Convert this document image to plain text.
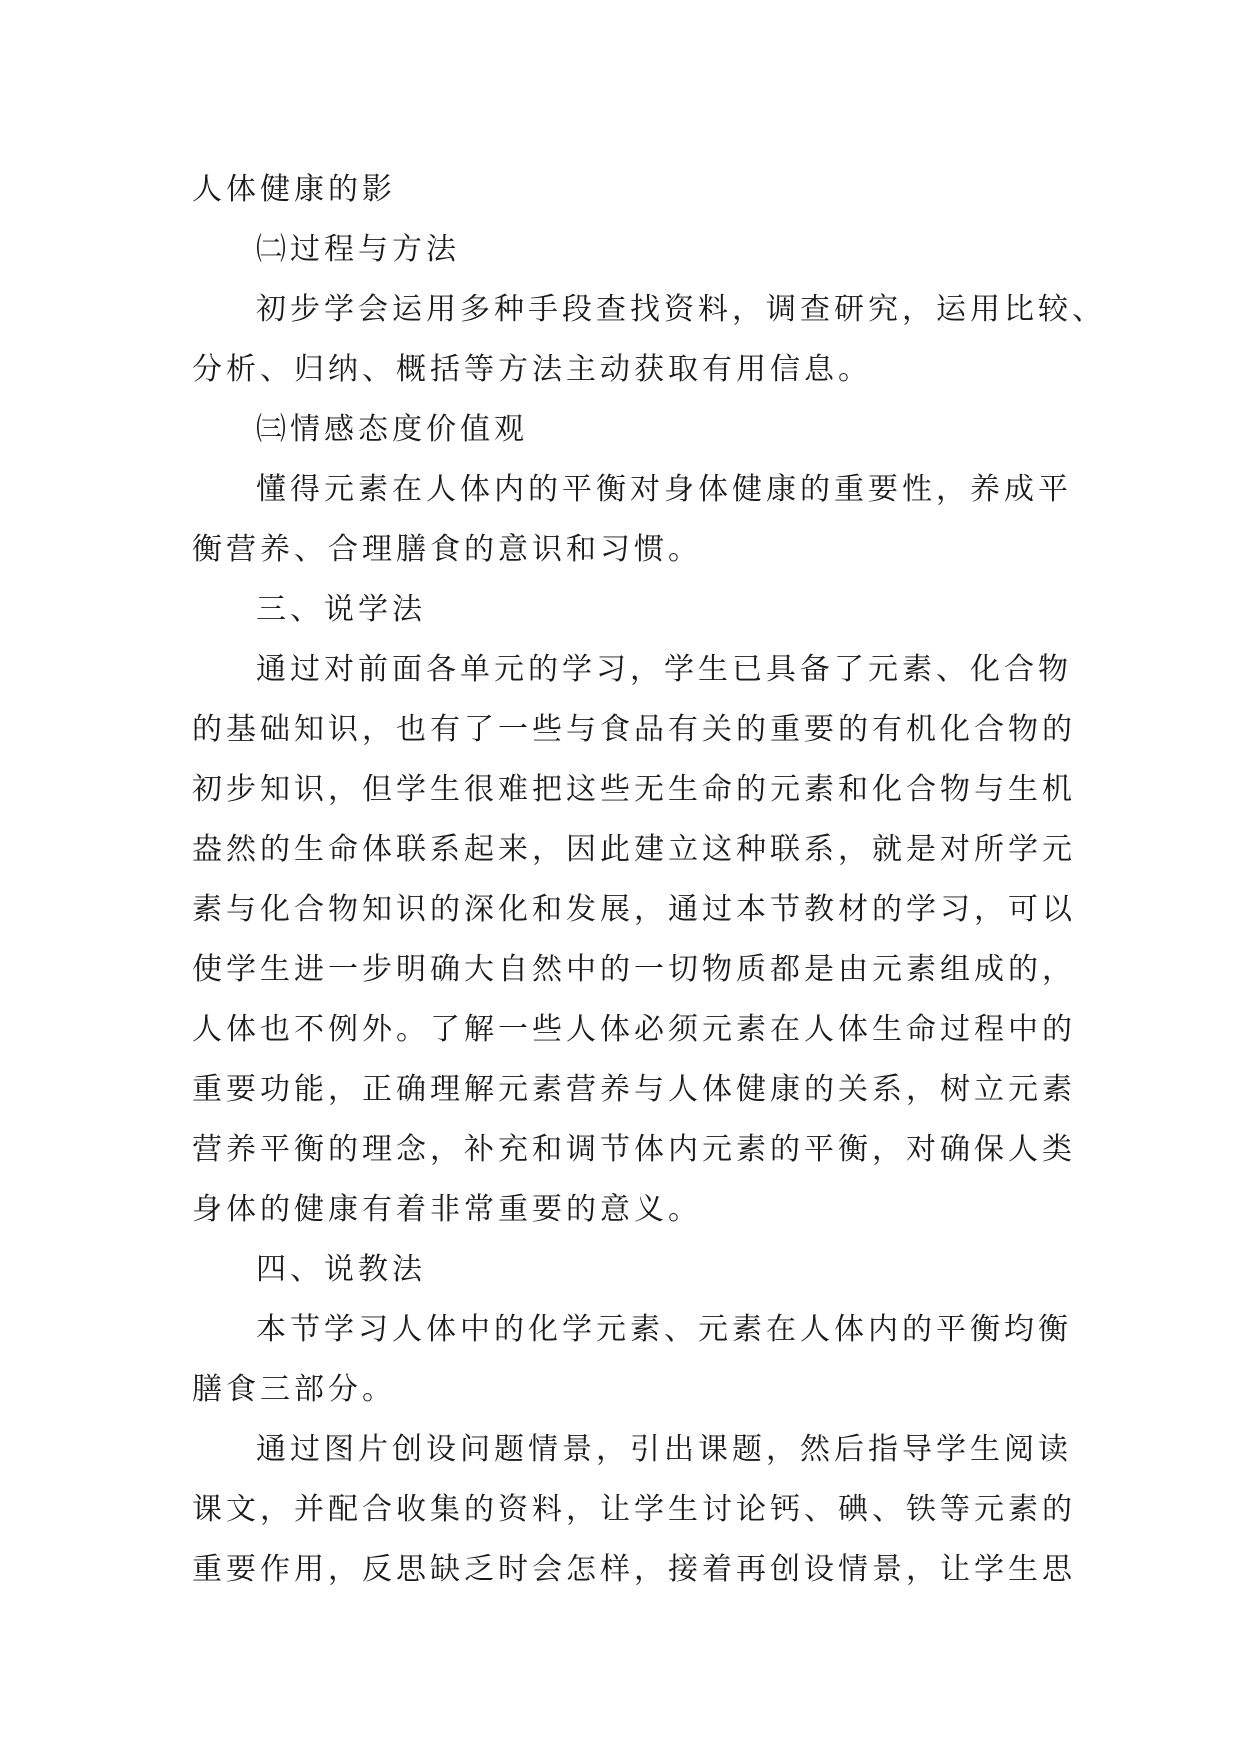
人体健康的影

㈡过程与方法

初步学会运用多种手段查找资料，调查研究，运用比较、

分析、归纳、概括等方法主动获取有用信息。

㈢情感态度价值观

懂得元素在人体内的平衡对身体健康的重要性，养成平

衡营养、合理膳食的意识和习惯。

三、说学法

通过对前面各单元的学习，学生已具备了元素、化合物

的基础知识，也有了一些与食品有关的重要的有机化合物的

初步知识，但学生很难把这些无生命的元素和化合物与生机

盎然的生命体联系起来，因此建立这种联系，就是对所学元

素与化合物知识的深化和发展，通过本节教材的学习，可以

使学生进一步明确大自然中的一切物质都是由元素组成的，

人体也不例外。了解一些人体必须元素在人体生命过程中的

重要功能，正确理解元素营养与人体健康的关系，树立元素

营养平衡的理念，补充和调节体内元素的平衡，对确保人类

身体的健康有着非常重要的意义。

四、说教法

本节学习人体中的化学元素、元素在人体内的平衡均衡

膳食三部分。

通过图片创设问题情景，引出课题，然后指导学生阅读

课文，并配合收集的资料，让学生讨论钙、碘、铁等元素的

重要作用，反思缺乏时会怎样，接着再创设情景，让学生思
